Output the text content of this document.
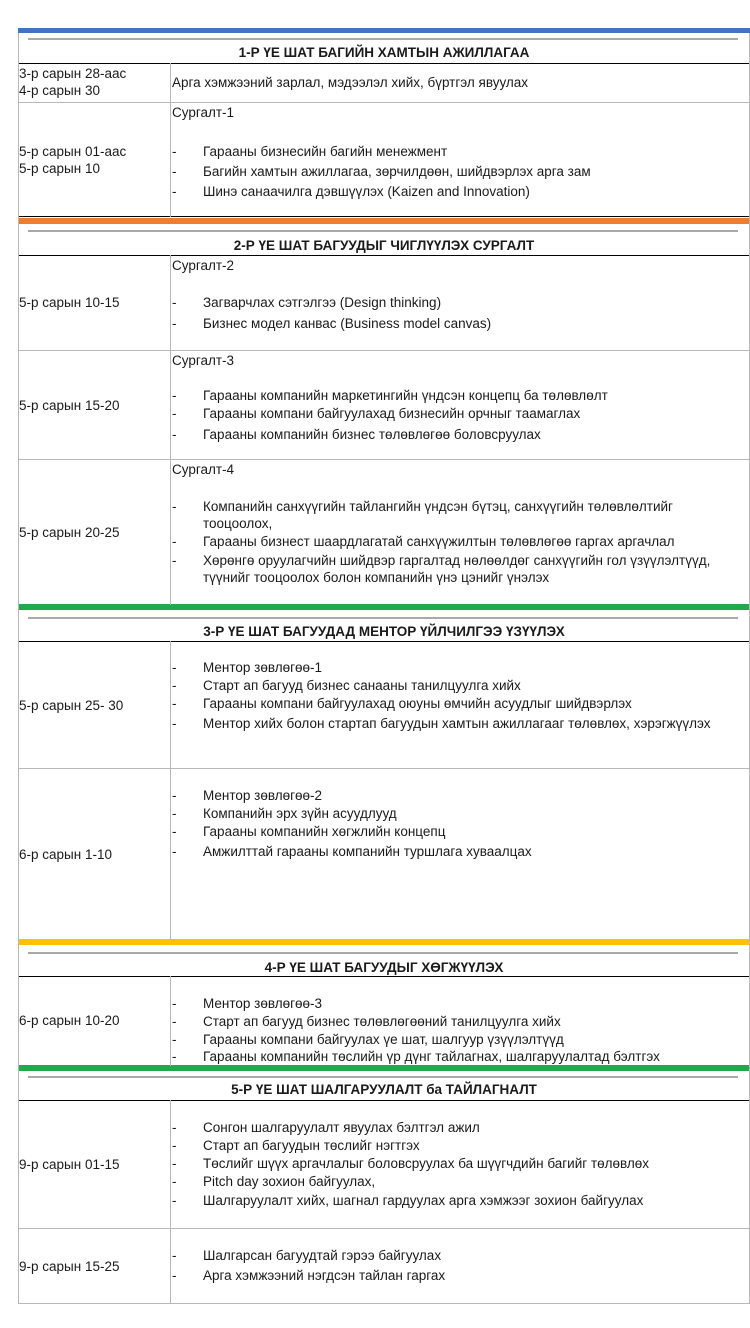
1-Р ҮЕ ШАТ БАГИЙН ХАМТЫН АЖИЛЛАГАА
3-р сарын 28-аас
4-р сарын 30
Арга хэмжээний зарлал, мэдээлэл хийх, бүртгэл явуулах
Сургалт-1
5-р сарын 01-аас
5-р сарын 10
- Гарааны бизнесийн багийн менежмент
- Багийн хамтын ажиллагаа, зөрчилдөөн, шийдвэрлэх арга зам
- Шинэ санаачилга дэвшүүлэх (Kaizen and Innovation)
2-Р ҮЕ ШАТ БАГУУДЫГ ЧИГЛҮҮЛЭХ СУРГАЛТ
Сургалт-2
5-р сарын 10-15	- Загварчлах сэтгэлгээ (Design thinking)
- Бизнес модел канвас (Business model canvas)
Сургалт-3
5-р сарын 15-20
- Гарааны компанийн маркетингийн үндсэн концепц ба төлөвлөлт
- Гарааны компани байгуулахад бизнесийн орчныг таамаглах
- Гарааны компанийн бизнес төлөвлөгөө боловсруулах
Сургалт-4
5-р сарын 20-25
- Компанийн санхүүгийн тайлангийн үндсэн бүтэц, санхүүгийн төлөвлөлтийг тооцоолох,
- Гарааны бизнест шаардлагатай санхүүжилтын төлөвлөгөө гаргах аргачлал
- Хөрөнгө оруулагчийн шийдвэр гаргалтад нөлөөлдөг санхүүгийн гол үзүүлэлтүүд, түүнийг тооцоолох болон компанийн үнэ цэнийг үнэлэх
3-Р ҮЕ ШАТ БАГУУДАД МЕНТОР ҮЙЛЧИЛГЭЭ ҮЗҮҮЛЭХ
5-р сарын 25- 30
- Ментор зөвлөгөө-1
- Старт ап багууд бизнес санааны танилцуулга хийх
- Гарааны компани байгуулахад оюуны өмчийн асуудлыг шийдвэрлэх
- Ментор хийх болон стартап багуудын хамтын ажиллагааг төлөвлөх, хэрэгжүүлэх
6-р сарын 1-10
- Ментор зөвлөгөө-2
- Компанийн эрх зүйн асуудлууд
- Гарааны компанийн хөгжлийн концепц
- Амжилттай гарааны компанийн туршлага хуваалцах
4-Р ҮЕ ШАТ БАГУУДЫГ ХӨГЖҮҮЛЭХ
6-р сарын 10-20
- Ментор зөвлөгөө-3
- Старт ап багууд бизнес төлөвлөгөөний танилцуулга хийх
- Гарааны компани байгуулах үе шат, шалгуур үзүүлэлтүүд
- Гарааны компанийн төслийн үр дүнг тайлагнах, шалгаруулалтад бэлтгэх
5-Р ҮЕ ШАТ ШАЛГАРУУЛАЛТ ба ТАЙЛАГНАЛТ
9-р сарын 01-15
- Сонгон шалгаруулалт явуулах бэлтгэл ажил
- Старт ап багуудын төслийг нэгтгэх
- Төслийг шүүх аргачлалыг боловсруулах ба шүүгчдийн багийг төлөвлөх
- Pitch day зохион байгуулах,
- Шалгаруулалт хийх, шагнал гардуулах арга хэмжээг зохион байгуулах
9-р сарын 15-25
- Шалгарсан багуудтай гэрээ байгуулах
- Арга хэмжээний нэгдсэн тайлан гаргах
